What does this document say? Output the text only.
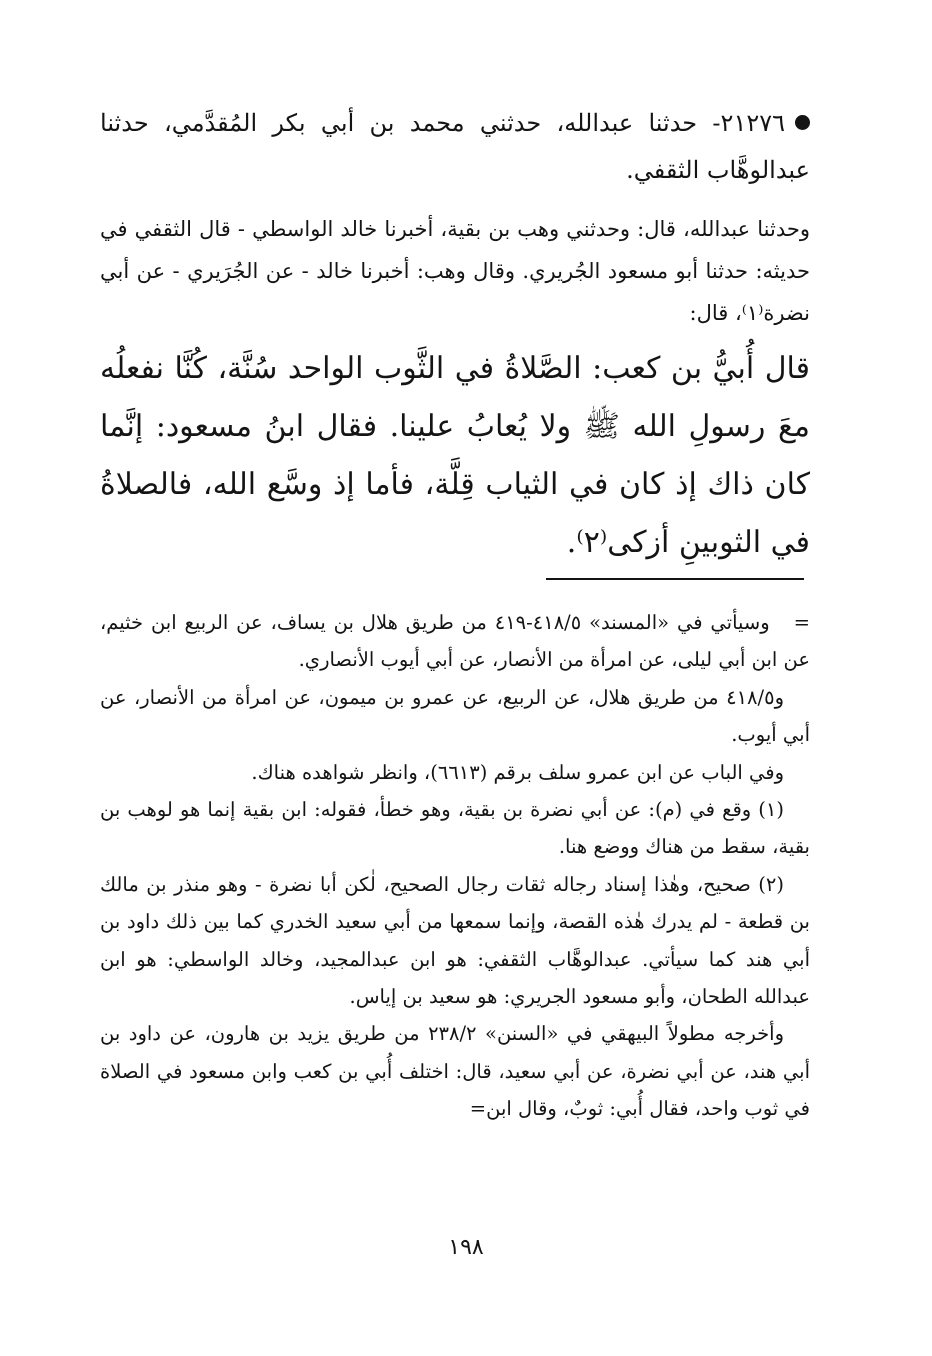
٢١٢٧٦- حدثنا عبدالله، حدثني محمد بن أبي بكر المُقدَّمي، حدثنا عبدالوهَّاب الثقفي.
وحدثنا عبدالله، قال: وحدثني وهب بن بقية، أخبرنا خالد الواسطي - قال الثقفي في حديثه: حدثنا أبو مسعود الجُريري. وقال وهب: أخبرنا خالد - عن الجُرَيري - عن أبي نضرة⁽١⁾، قال:
قال أُبيُّ بن كعب: الصَّلاةُ في الثَّوب الواحد سُنَّة، كُنَّا نفعلُه معَ رسولِ الله ﷺ ولا يُعابُ علينا. فقال ابنُ مسعود: إنَّما كان ذاك إذ كان في الثياب قِلَّة، فأما إذ وسَّع الله، فالصلاةُ في الثوبينِ أزكى⁽٢⁾.

=وسيأتي في «المسند» ٤١٨/٥-٤١٩ من طريق هلال بن يساف، عن الربيع ابن خثيم، عن ابن أبي ليلى، عن امرأة من الأنصار، عن أبي أيوب الأنصاري.

و٤١٨/٥ من طريق هلال، عن الربيع، عن عمرو بن ميمون، عن امرأة من الأنصار، عن أبي أيوب.

وفي الباب عن ابن عمرو سلف برقم (٦٦١٣)، وانظر شواهده هناك.

(١) وقع في (م): عن أبي نضرة بن بقية، وهو خطأ، فقوله: ابن بقية إنما هو لوهب بن بقية، سقط من هناك ووضع هنا.

(٢) صحيح، وهٰذا إسناد رجاله ثقات رجال الصحيح، لٰكن أبا نضرة - وهو منذر بن مالك بن قطعة - لم يدرك هٰذه القصة، وإنما سمعها من أبي سعيد الخدري كما بين ذلك داود بن أبي هند كما سيأتي. عبدالوهَّاب الثقفي: هو ابن عبدالمجيد، وخالد الواسطي: هو ابن عبدالله الطحان، وأبو مسعود الجريري: هو سعيد بن إياس.

وأخرجه مطولاً البيهقي في «السنن» ٢٣٨/٢ من طريق يزيد بن هارون، عن داود بن أبي هند، عن أبي نضرة، عن أبي سعيد، قال: اختلف أُبي بن كعب وابن مسعود في الصلاة في ثوب واحد، فقال أُبي: ثوبٌ، وقال ابن=

١٩٨
